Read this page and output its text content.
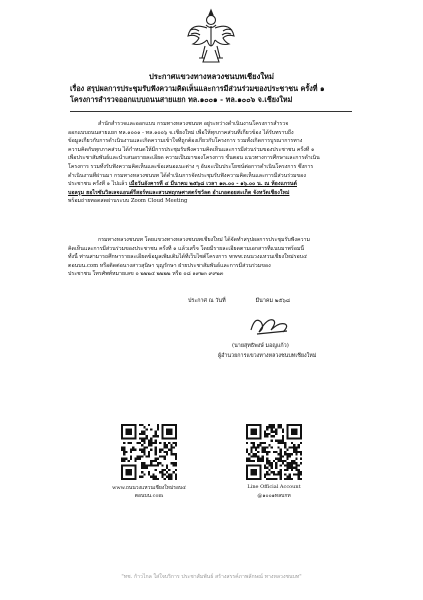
ประกาศแขวงทางหลวงชนบทเชียงใหม่
เรื่อง สรุปผลการประชุมรับฟังความคิดเห็นและการมีส่วนร่วมของประชาชน ครั้งที่ ๑
โครงการสำรวจออกแบบถนนสายแยก ทล.๑๐๐๑ - ทล.๑๐๐๖ จ.เชียงใหม่
สำนักสำรวจและออกแบบ กรมทางหลวงชนบท อยู่ระหว่างดำเนินงานโครงการสำรวจ
ออกแบบถนนสายแยก ทล.๑๐๐๑ - ทล.๑๐๐๖ จ.เชียงใหม่ เพื่อให้ทุกภาคส่วนที่เกี่ยวข้อง ได้รับทราบถึง
ข้อมูลเกี่ยวกับการดำเนินงานและเกิดความเข้าใจที่ถูกต้องเกี่ยวกับโครงการ รวมทั้งเกิดการบูรณาการทาง
ความคิดกับทุกภาคส่วน ได้กำหนดให้มีการประชุมรับฟังความคิดเห็นและการมีส่วนร่วมของประชาชน ครั้งที่ ๑
เพื่อประชาสัมพันธ์และนำเสนอรายละเอียด ความเป็นมาของโครงการ ขั้นตอน แนวทางการศึกษาและการดำเนิน
โครงการ รวมทั้งรับฟังความคิดเห็นและข้อเสนอแนะต่าง ๆ อันจะเป็นประโยชน์ต่อการดำเนินโครงการ ซึ่งการ
ดำเนินงานที่ผ่านมา กรมทางหลวงชนบท ได้ดำเนินการจัดประชุมรับฟังความคิดเห็นและการมีส่วนร่วมของ
ประชาชน ครั้งที่ ๑ ไปแล้ว เมื่อวันอังคารที่ ๔ มีนาคม ๒๕๖๘ เวลา ๑๓.๐๐ - ๑๖.๐๐ น. ณ ห้องแกรนด์
บอลรูม ฮอไรซันวิลเลจแอนด์รีสอร์ทและสวนพฤกษศาสตร์ชวัลต อำเภอดอยสะเก็ด จังหวัดเชียงใหม่
พร้อมถ่ายทอดสดผ่านระบบ Zoom Cloud Meeting
กรมทางหลวงชนบท โดยแขวงทางหลวงชนบทเชียงใหม่ ได้จัดทำสรุปผลการประชุมรับฟังความ
คิดเห็นและการมีส่วนร่วมของประชาชน ครั้งที่ ๑ แล้วเสร็จ โดยมีรายละเอียดตามเอกสารที่แนบมาพร้อมนี้
ทั้งนี้ ท่านสามารถศึกษารายละเอียดข้อมูลเพิ่มเติมได้ที่เว็บไซต์โครงการ www.ถนนวงแหวนเชียงใหม่รอบ๔
ตอนบน.com หรือติดต่อนางสาวสุนิษา บุญรักษา ฝ่ายประชาสัมพันธ์และการมีส่วนร่วมของ
ประชาชน โทรศัพท์หมายเลข ๐ ๒๒๒๔ ๒๒๒๒ หรือ ๐๘ ๑๙๒๓ ๙๙๒๓
ประกาศ ณ วันที่	มีนาคม ๒๕๖๘
(นายสุทธิพงษ์ มอญแก้ว)
ผู้อำนวยการแขวงทางหลวงชนบทเชียงใหม่
www.ถนนวงแหวนเชียงใหม่รอบ๔
ตอนบน.com
Line Official Account
@๑๐๐๑ทลบกท
"ทช. ก้าวไกล ใส่ใจบริการ ประชาสัมพันธ์ สร้างสรรค์ภาพลักษณ์ ทางหลวงชนบท"
